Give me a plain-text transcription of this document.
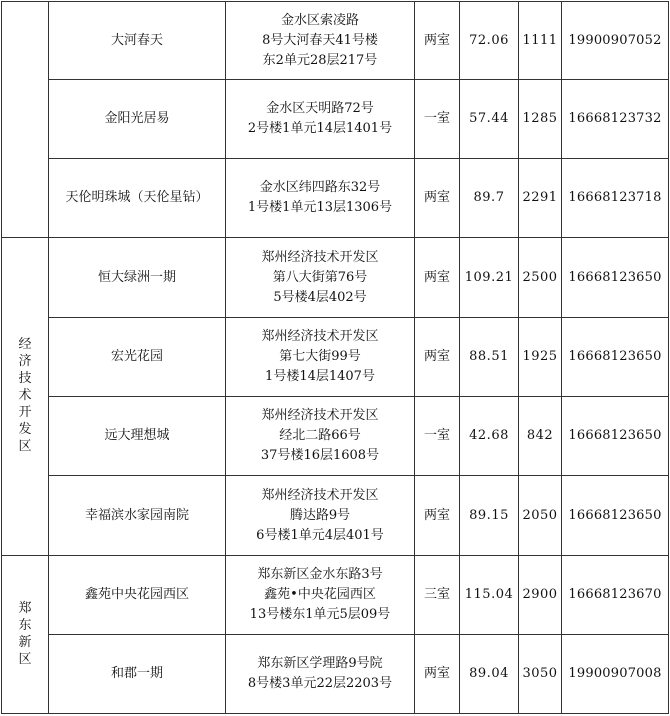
	大河春天	金水区索凌路
8号大河春天41号楼
东2单元28层217号	两室	72.06	1111	19900907052
	金阳光居易	金水区天明路72号
2号楼1单元14层1401号	一室	57.44	1285	16668123732
	天伦明珠城（天伦星钻）	金水区纬四路东32号
1号楼1单元13层1306号	两室	89.7	2291	16668123718
经济技术开发区	恒大绿洲一期	郑州经济技术开发区
第八大街第76号
5号楼4层402号	两室	109.21	2500	16668123650
	宏光花园	郑州经济技术开发区
第七大街99号
1号楼14层1407号	两室	88.51	1925	16668123650
	远大理想城	郑州经济技术开发区
经北二路66号
37号楼16层1608号	一室	42.68	842	16668123650
	幸福滨水家园南院	郑州经济技术开发区
腾达路9号
6号楼1单元4层401号	两室	89.15	2050	16668123650
郑东新区	鑫苑中央花园西区	郑东新区金水东路3号
鑫苑•中央花园西区
13号楼东1单元5层09号	三室	115.04	2900	16668123670
	和郡一期	郑东新区学理路9号院
8号楼3单元22层2203号	两室	89.04	3050	19900907008
